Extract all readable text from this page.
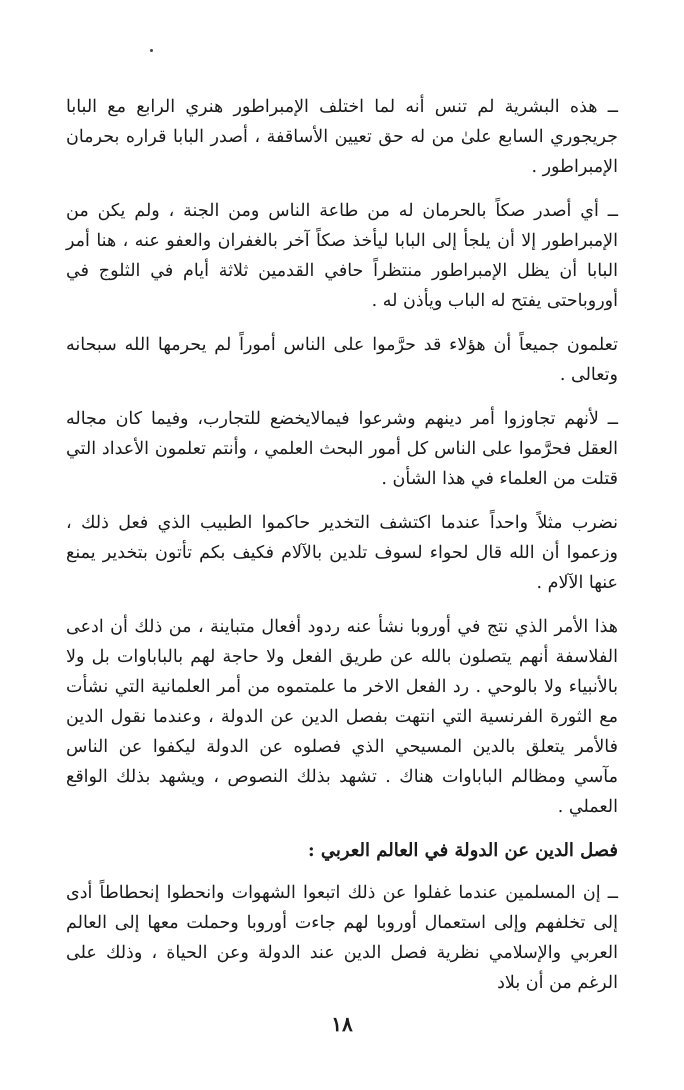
ــ هذه البشرية لم تنس أنه لما اختلف الإمبراطور هنري الرابع مع البابا جريجوري السابع علىٰ من له حق تعيين الأساقفة ، أصدر البابا قراره بحرمان الإمبراطور .

ــ أي أصدر صكاً بالحرمان له من طاعة الناس ومن الجنة ، ولم يكن من الإمبراطور إلا أن يلجأ إلى البابا ليأخذ صكاً آخر بالغفران والعفو عنه ، هنا أمر البابا أن يظل الإمبراطور منتظراً حافي القدمين ثلاثة أيام في الثلوج في أوروباحتى يفتح له الباب ويأذن له .

تعلمون جميعاً أن هؤلاء قد حرَّموا على الناس أموراً لم يحرمها الله سبحانه وتعالى .

ــ لأنهم تجاوزوا أمر دينهم وشرعوا فيمالايخضع للتجارب، وفيما كان مجاله العقل فحرَّموا على الناس كل أمور البحث العلمي ، وأنتم تعلمون الأعداد التي قتلت من العلماء في هذا الشأن .

نضرب مثلاً واحداً عندما اكتشف التخدير حاكموا الطبيب الذي فعل ذلك ، وزعموا أن الله قال لحواء لسوف تلدين بالآلام فكيف بكم تأتون بتخدير يمنع عنها الآلام .

هذا الأمر الذي نتج في أوروبا نشأ عنه ردود أفعال متباينة ، من ذلك أن ادعى الفلاسفة أنهم يتصلون بالله عن طريق الفعل ولا حاجة لهم بالباباوات بل ولا بالأنبياء ولا بالوحي . رد الفعل الاخر ما علمتموه من أمر العلمانية التي نشأت مع الثورة الفرنسية التي انتهت بفصل الدين عن الدولة ، وعندما نقول الدين فالأمر يتعلق بالدين المسيحي الذي فصلوه عن الدولة ليكفوا عن الناس مآسي ومظالم الباباوات هناك . تشهد بذلك النصوص ، ويشهد بذلك الواقع العملي .

فصل الدين عن الدولة في العالم العربي :

ــ إن المسلمين عندما غفلوا عن ذلك اتبعوا الشهوات وانحطوا إنحطاطاً أدى إلى تخلفهم وإلى استعمال أوروبا لهم جاءت أوروبا وحملت معها إلى العالم العربي والإسلامي نظرية فصل الدين عند الدولة وعن الحياة ، وذلك على الرغم من أن بلاد

١٨
